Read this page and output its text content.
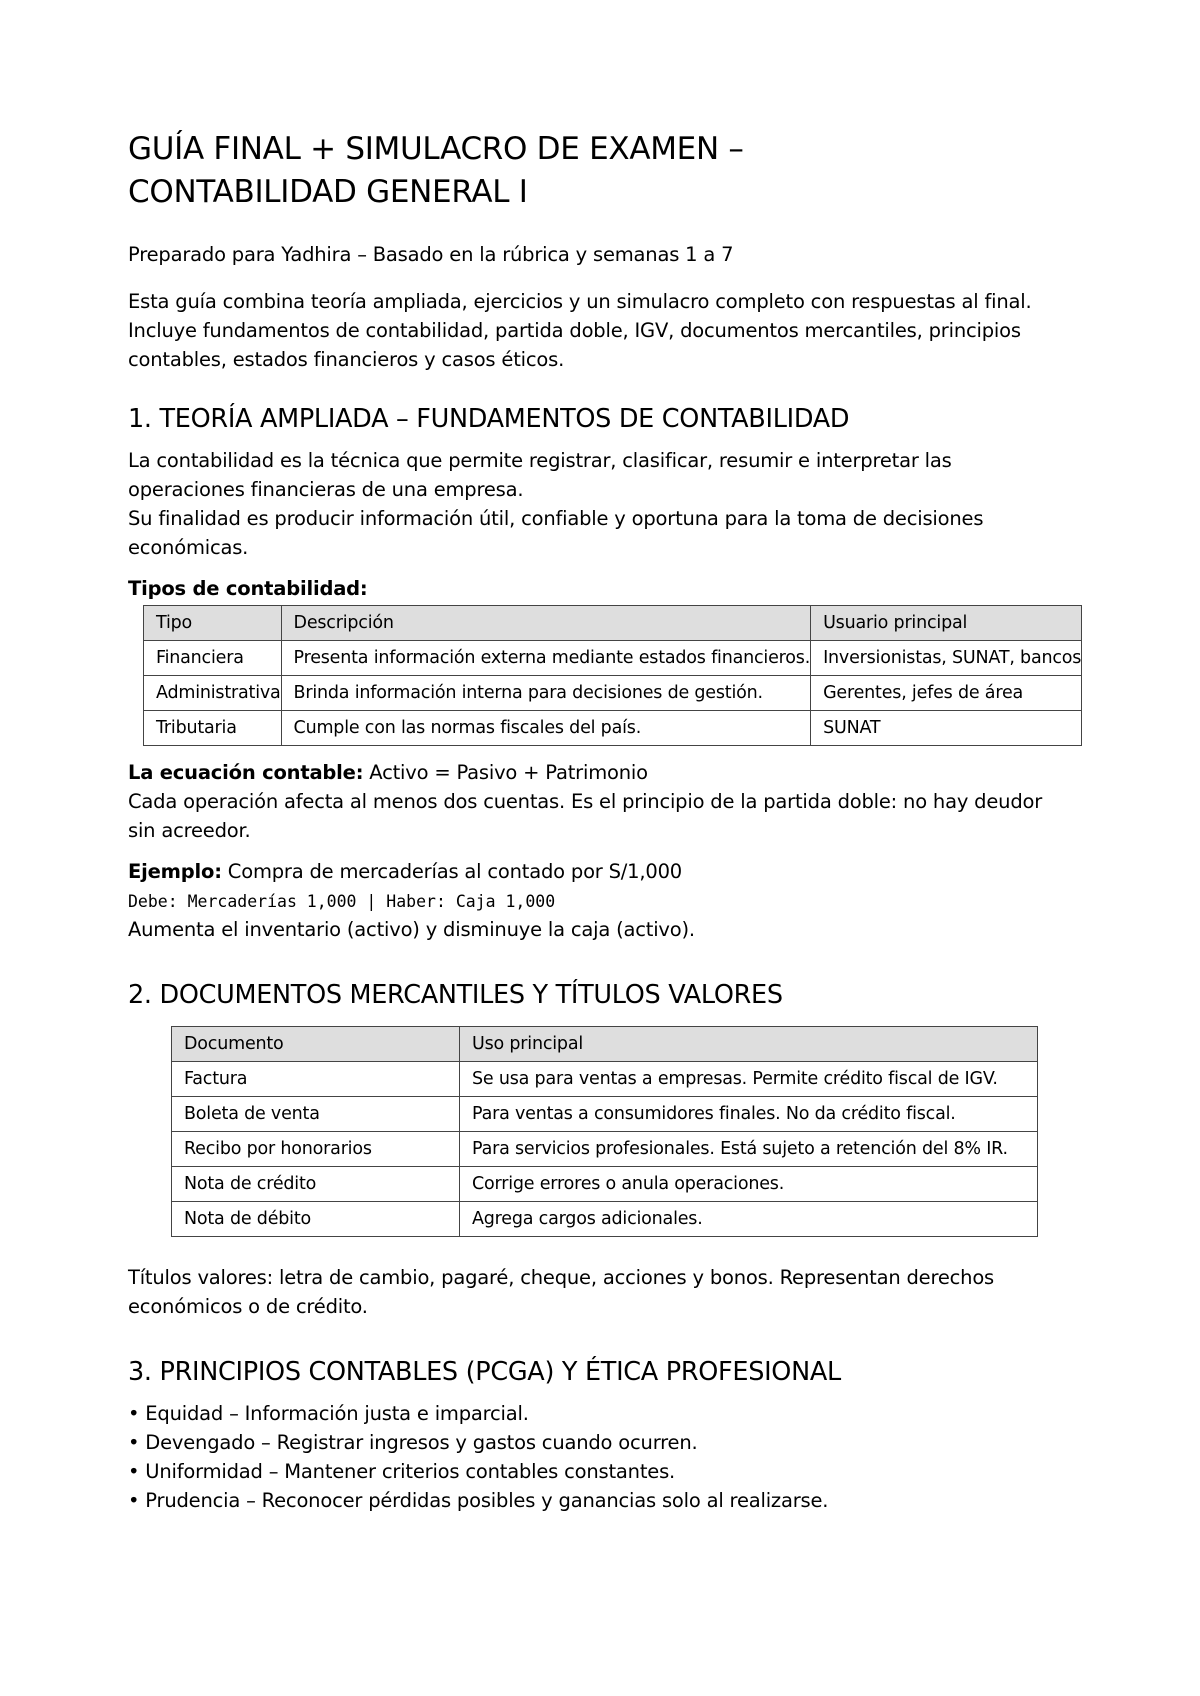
GUÍA FINAL + SIMULACRO DE EXAMEN –
CONTABILIDAD GENERAL I

Preparado para Yadhira – Basado en la rúbrica y semanas 1 a 7

Esta guía combina teoría ampliada, ejercicios y un simulacro completo con respuestas al final.
Incluye fundamentos de contabilidad, partida doble, IGV, documentos mercantiles, principios
contables, estados financieros y casos éticos.

1. TEORÍA AMPLIADA – FUNDAMENTOS DE CONTABILIDAD

La contabilidad es la técnica que permite registrar, clasificar, resumir e interpretar las
operaciones financieras de una empresa.
Su finalidad es producir información útil, confiable y oportuna para la toma de decisiones
económicas.

Tipos de contabilidad:

Tipo	Descripción	Usuario principal
Financiera	Presenta información externa mediante estados financieros.	Inversionistas, SUNAT, bancos
Administrativa	Brinda información interna para decisiones de gestión.	Gerentes, jefes de área
Tributaria	Cumple con las normas fiscales del país.	SUNAT

La ecuación contable: Activo = Pasivo + Patrimonio
Cada operación afecta al menos dos cuentas. Es el principio de la partida doble: no hay deudor
sin acreedor.

Ejemplo: Compra de mercaderías al contado por S/1,000
Debe: Mercaderías 1,000 | Haber: Caja 1,000
Aumenta el inventario (activo) y disminuye la caja (activo).

2. DOCUMENTOS MERCANTILES Y TÍTULOS VALORES
Documento	Uso principal
Factura	Se usa para ventas a empresas. Permite crédito fiscal de IGV.
Boleta de venta	Para ventas a consumidores finales. No da crédito fiscal.
Recibo por honorarios	Para servicios profesionales. Está sujeto a retención del 8% IR.
Nota de crédito	Corrige errores o anula operaciones.
Nota de débito	Agrega cargos adicionales.

Títulos valores: letra de cambio, pagaré, cheque, acciones y bonos. Representan derechos
económicos o de crédito.

3. PRINCIPIOS CONTABLES (PCGA) Y ÉTICA PROFESIONAL

• Equidad – Información justa e imparcial.

• Devengado – Registrar ingresos y gastos cuando ocurren.

• Uniformidad – Mantener criterios contables constantes.

• Prudencia – Reconocer pérdidas posibles y ganancias solo al realizarse.
